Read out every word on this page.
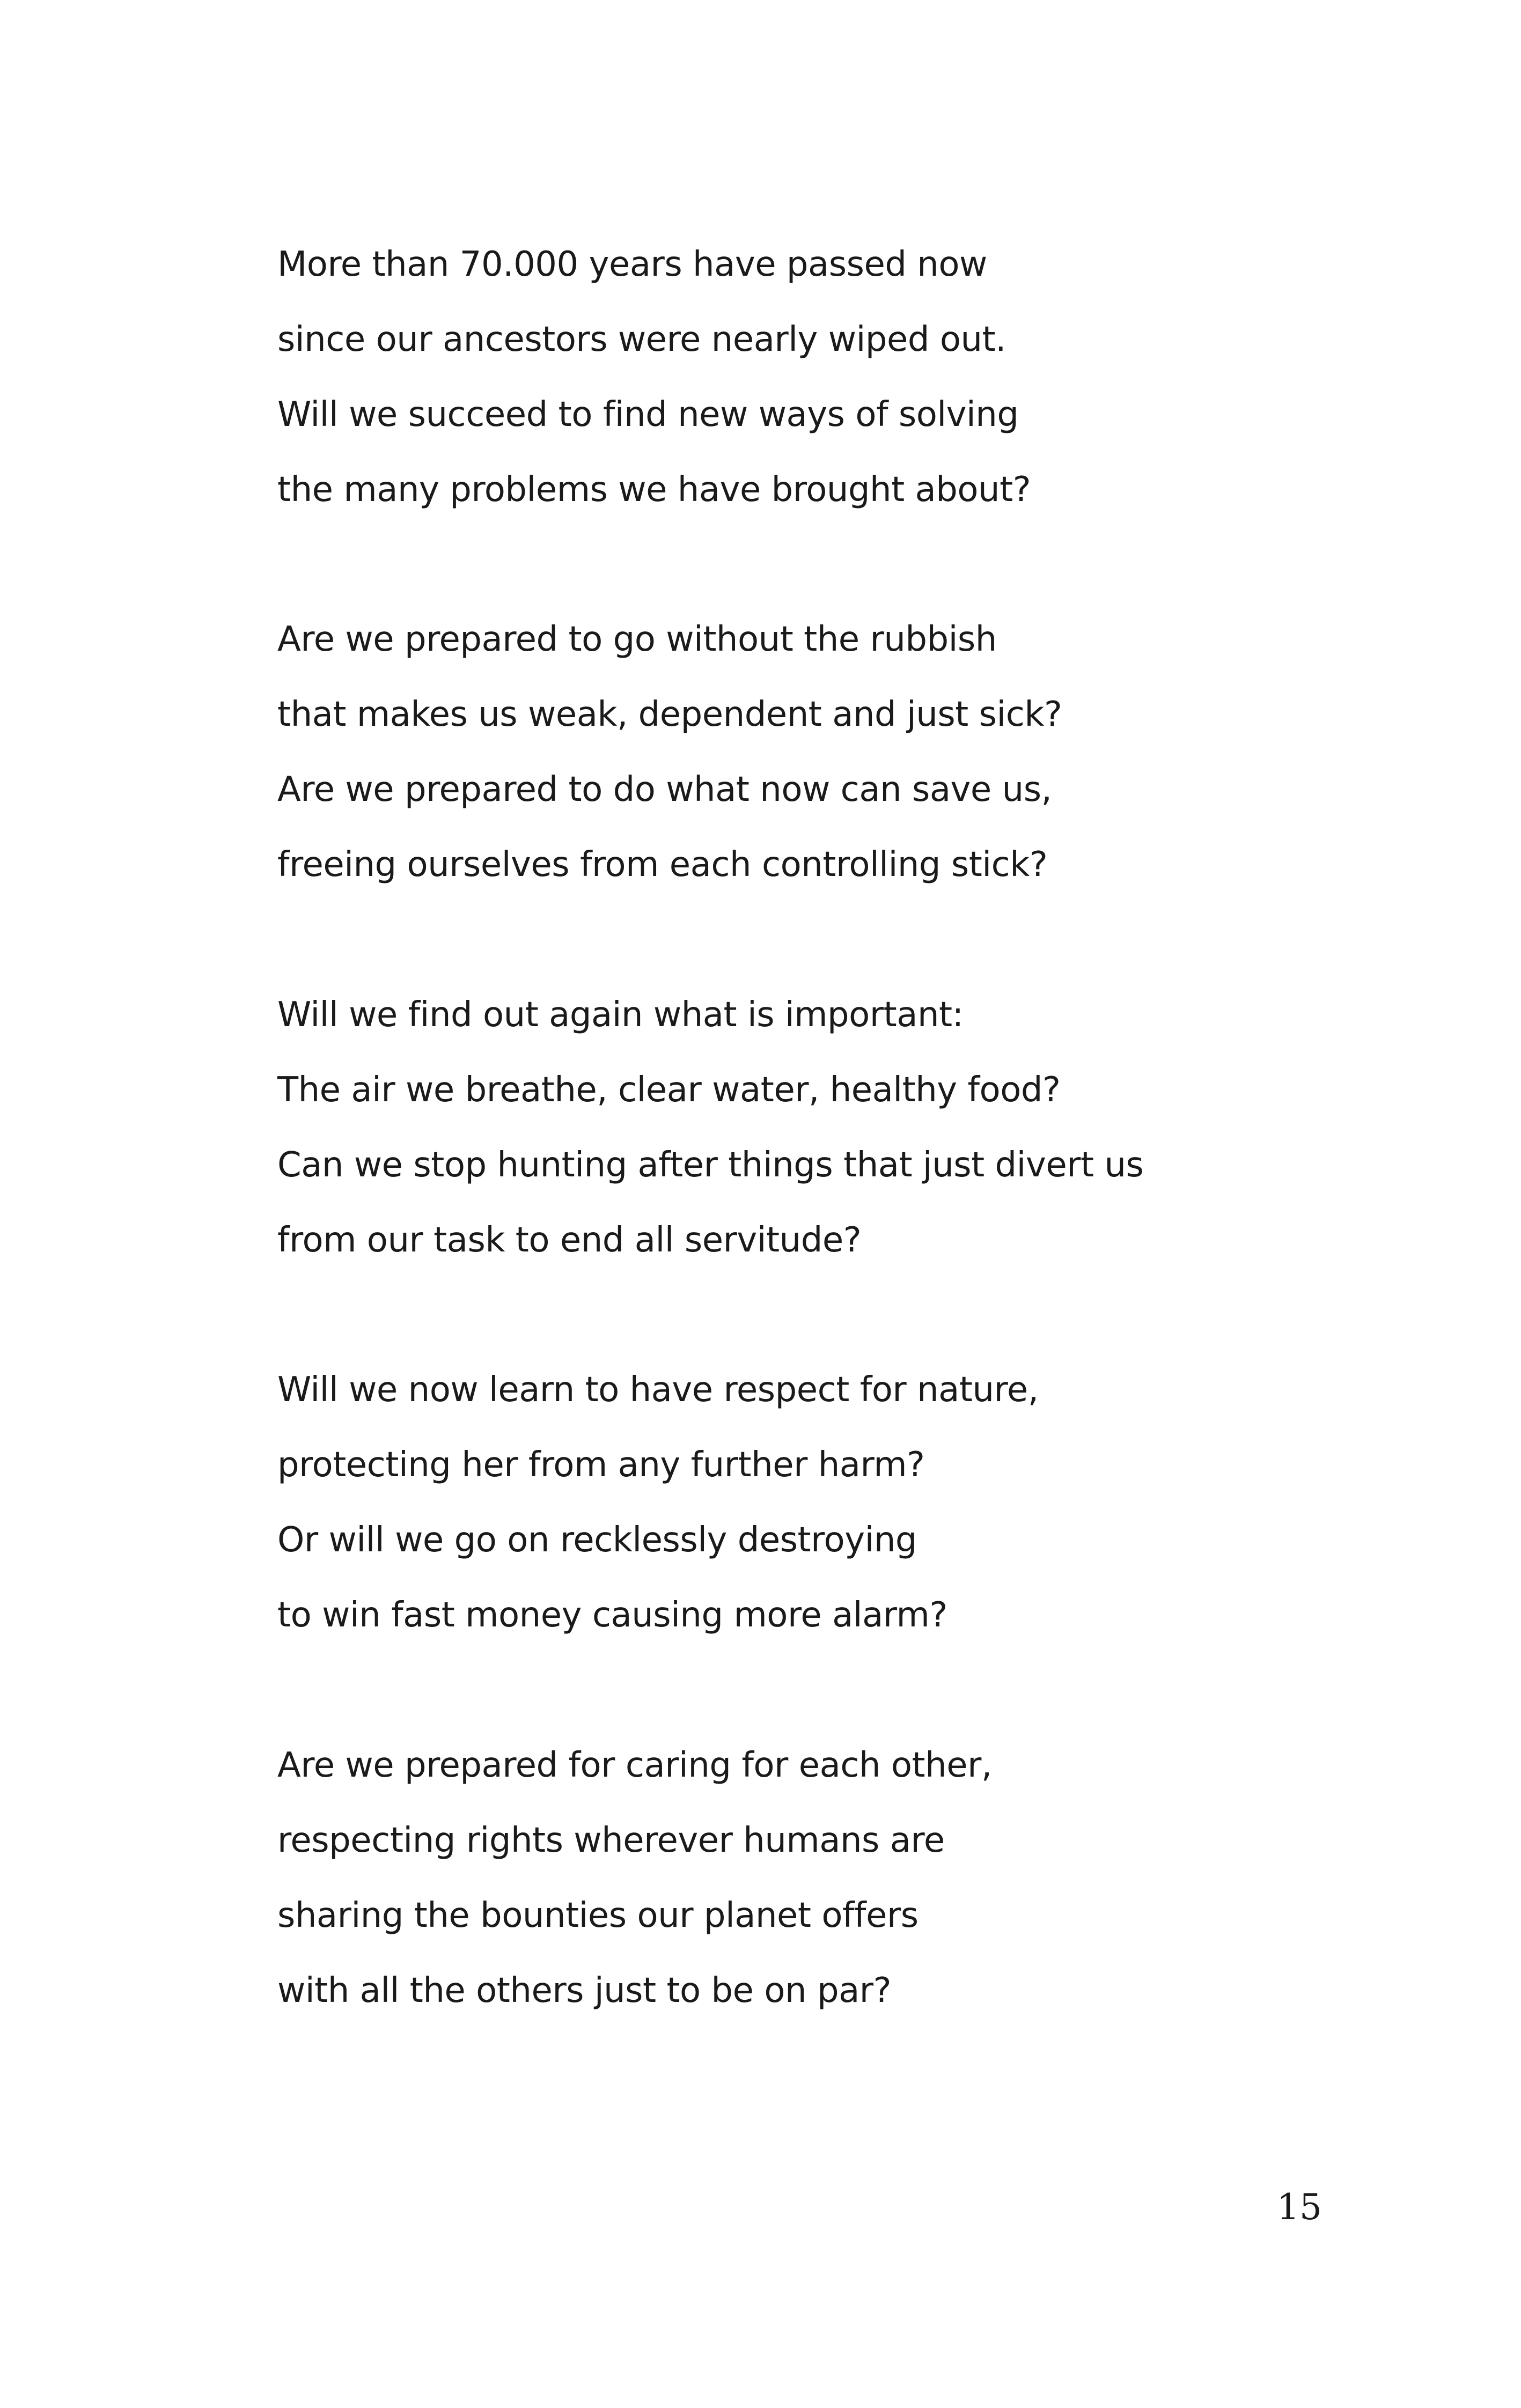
More than 70.000 years have passed now
since our ancestors were nearly wiped out.
Will we succeed to find new ways of solving
the many problems we have brought about?
Are we prepared to go without the rubbish
that makes us weak, dependent and just sick?
Are we prepared to do what now can save us,
freeing ourselves from each controlling stick?
Will we find out again what is important:
The air we breathe, clear water, healthy food?
Can we stop hunting after things that just divert us
from our task to end all servitude?
Will we now learn to have respect for nature,
protecting her from any further harm?
Or will we go on recklessly destroying
to win fast money causing more alarm?
Are we prepared for caring for each other,
respecting rights wherever humans are
sharing the bounties our planet offers
with all the others just to be on par?
15
